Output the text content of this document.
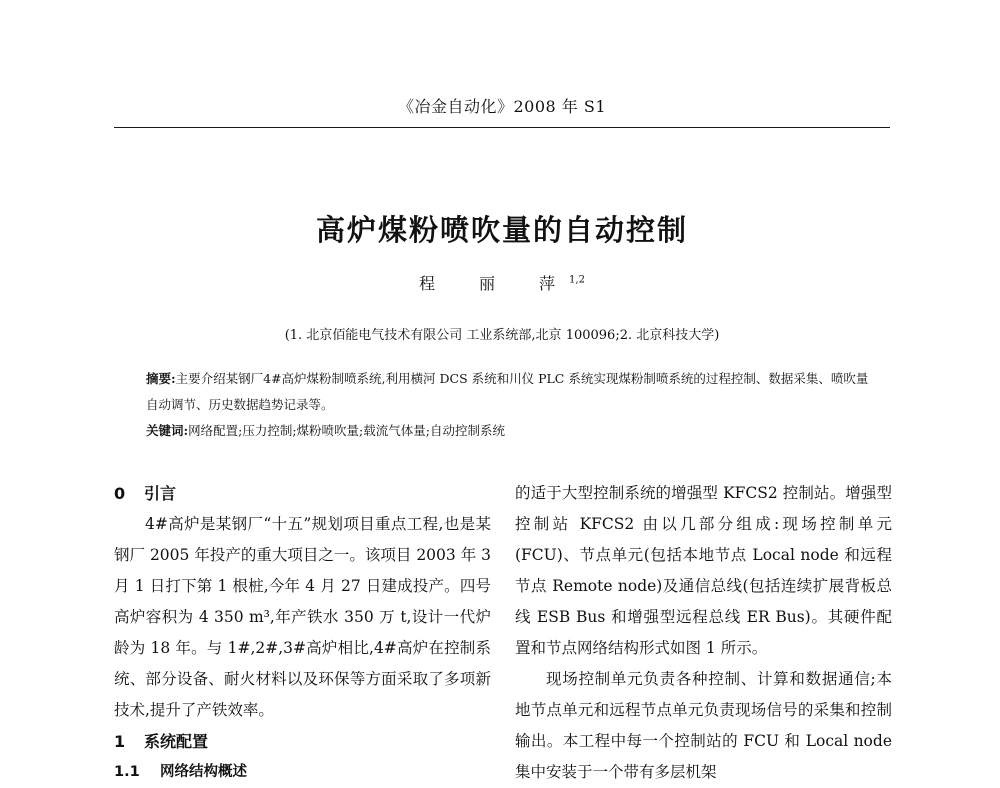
《冶金自动化》2008 年 S1
高炉煤粉喷吹量的自动控制
程　丽　萍$^{1,2}$
(1. 北京佰能电气技术有限公司 工业系统部,北京 100096;2. 北京科技大学)
摘要:主要介绍某钢厂4#高炉煤粉制喷系统,利用横河 DCS 系统和川仪 PLC 系统实现煤粉制喷系统的过程控制、数据采集、喷吹量自动调节、历史数据趋势记录等。
关键词:网络配置;压力控制;煤粉喷吹量;载流气体量;自动控制系统

0 引言

4#高炉是某钢厂“十五”规划项目重点工程,也是某钢厂 2005 年投产的重大项目之一。该项目 2003 年 3 月 1 日打下第 1 根桩,今年 4 月 27 日建成投产。四号高炉容积为 4 350 m³,年产铁水 350 万 t,设计一代炉龄为 18 年。与 1#,2#,3#高炉相比,4#高炉在控制系统、部分设备、耐火材料以及环保等方面采取了多项新技术,提升了产铁效率。

1 系统配置

1.1 网络结构概述

的适于大型控制系统的增强型 KFCS2 控制站。增强型控制站 KFCS2 由以几部分组成:现场控制单元(FCU)、节点单元(包括本地节点 Local node 和远程节点 Remote node)及通信总线(包括连续扩展背板总线 ESB Bus 和增强型远程总线 ER Bus)。其硬件配置和节点网络结构形式如图 1 所示。

现场控制单元负责各种控制、计算和数据通信;本地节点单元和远程节点单元负责现场信号的采集和控制输出。本工程中每一个控制站的 FCU 和 Local node 集中安装于一个带有多层机架
